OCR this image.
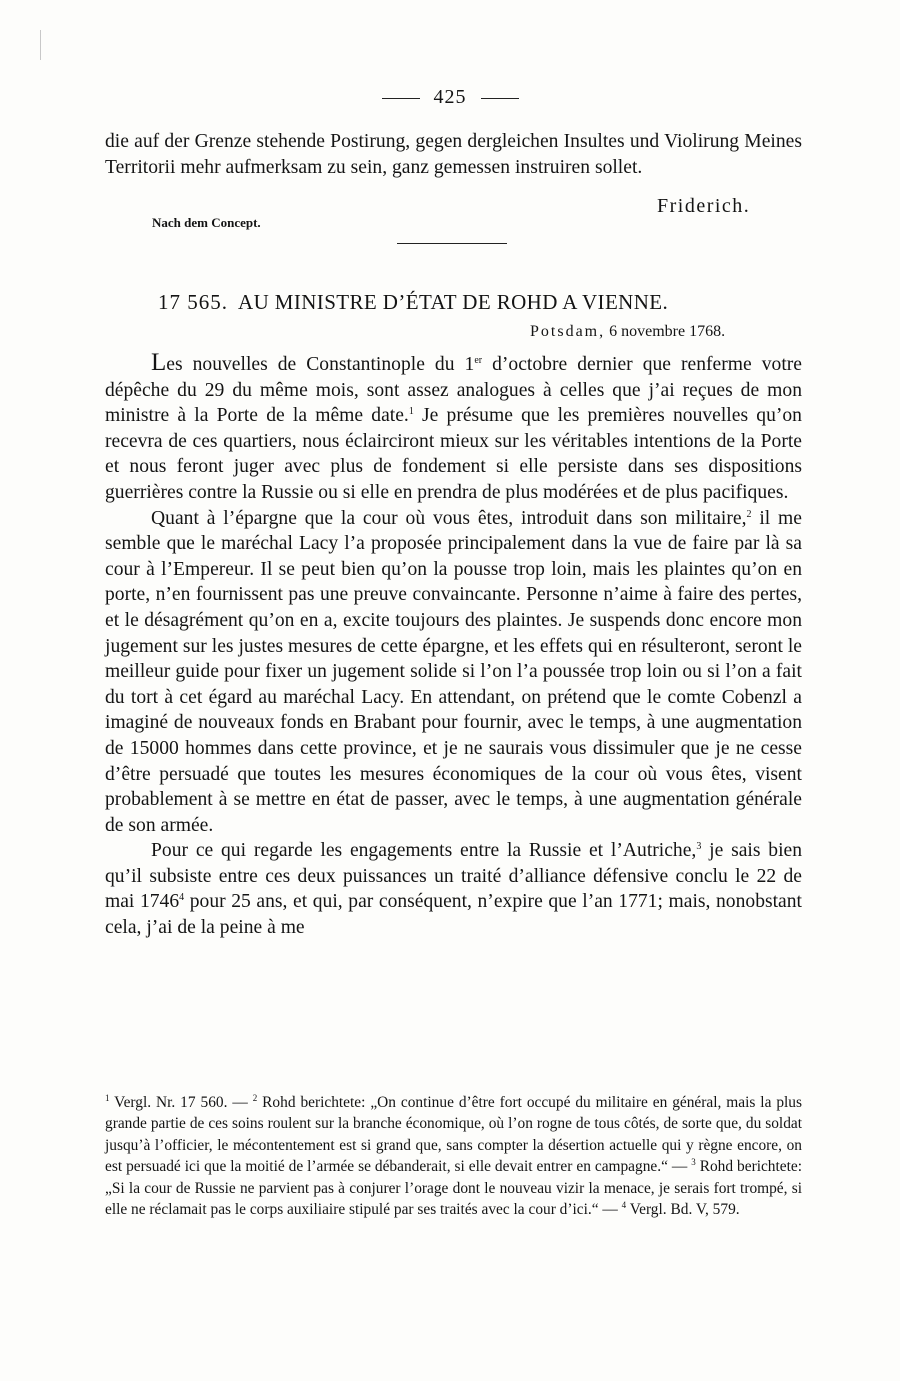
425

die auf der Grenze stehende Postirung, gegen dergleichen Insultes und Violirung Meines Territorii mehr aufmerksam zu sein, ganz gemessen instruiren sollet.

Friderich.
Nach dem Concept.
17 565. AU MINISTRE D’ÉTAT DE ROHD A VIENNE.
Potsdam, 6 novembre 1768.

Les nouvelles de Constantinople du 1er d’octobre dernier que renferme votre dépêche du 29 du même mois, sont assez analogues à celles que j’ai reçues de mon ministre à la Porte de la même date.$^1$ Je présume que les premières nouvelles qu’on recevra de ces quartiers, nous éclairciront mieux sur les véritables intentions de la Porte et nous feront juger avec plus de fondement si elle persiste dans ses dispositions guerrières contre la Russie ou si elle en prendra de plus modérées et de plus pacifiques.

Quant à l’épargne que la cour où vous êtes, introduit dans son militaire,$^2$ il me semble que le maréchal Lacy l’a proposée principalement dans la vue de faire par là sa cour à l’Empereur. Il se peut bien qu’on la pousse trop loin, mais les plaintes qu’on en porte, n’en fournissent pas une preuve convaincante. Personne n’aime à faire des pertes, et le désagrément qu’on en a, excite toujours des plaintes. Je suspends donc encore mon jugement sur les justes mesures de cette épargne, et les effets qui en résulteront, seront le meilleur guide pour fixer un jugement solide si l’on l’a poussée trop loin ou si l’on a fait du tort à cet égard au maréchal Lacy. En attendant, on prétend que le comte Cobenzl a imaginé de nouveaux fonds en Brabant pour fournir, avec le temps, à une augmentation de 15000 hommes dans cette province, et je ne saurais vous dissimuler que je ne cesse d’être persuadé que toutes les mesures économiques de la cour où vous êtes, visent probablement à se mettre en état de passer, avec le temps, à une augmentation générale de son armée.

Pour ce qui regarde les engagements entre la Russie et l’Autriche,$^3$ je sais bien qu’il subsiste entre ces deux puissances un traité d’alliance défensive conclu le 22 de mai 1746$^4$ pour 25 ans, et qui, par conséquent, n’expire que l’an 1771; mais, nonobstant cela, j’ai de la peine à me

$^1$ Vergl. Nr. 17 560. — $^2$ Rohd berichtete: „On continue d’être fort occupé du militaire en général, mais la plus grande partie de ces soins roulent sur la branche économique, où l’on rogne de tous côtés, de sorte que, du soldat jusqu’à l’officier, le mécontentement est si grand que, sans compter la désertion actuelle qui y règne encore, on est persuadé ici que la moitié de l’armée se débanderait, si elle devait entrer en campagne.“ — $^3$ Rohd berichtete: „Si la cour de Russie ne parvient pas à conjurer l’orage dont le nouveau vizir la menace, je serais fort trompé, si elle ne réclamait pas le corps auxiliaire stipulé par ses traités avec la cour d’ici.“ — $^4$ Vergl. Bd. V, 579.
